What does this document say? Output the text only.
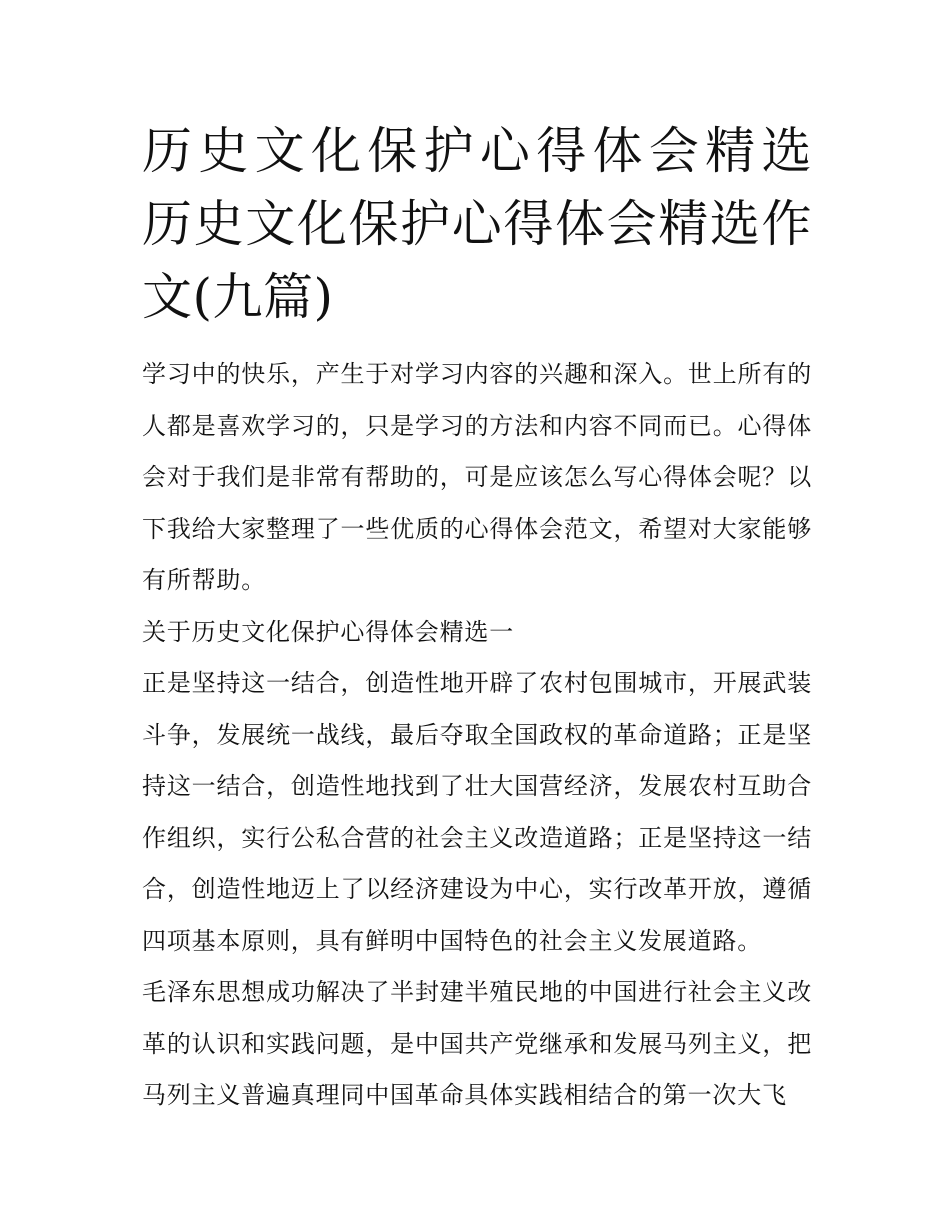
历史文化保护心得体会精选 历史文化保护心得体会精选作文(九篇)

学习中的快乐，产生于对学习内容的兴趣和深入。世上所有的人都是喜欢学习的，只是学习的方法和内容不同而已。心得体会对于我们是非常有帮助的，可是应该怎么写心得体会呢？以下我给大家整理了一些优质的心得体会范文，希望对大家能够有所帮助。

关于历史文化保护心得体会精选一

正是坚持这一结合，创造性地开辟了农村包围城市，开展武装斗争，发展统一战线，最后夺取全国政权的革命道路；正是坚持这一结合，创造性地找到了壮大国营经济，发展农村互助合作组织，实行公私合营的社会主义改造道路；正是坚持这一结合，创造性地迈上了以经济建设为中心，实行改革开放，遵循四项基本原则，具有鲜明中国特色的社会主义发展道路。

毛泽东思想成功解决了半封建半殖民地的中国进行社会主义改革的认识和实践问题，是中国共产党继承和发展马列主义，把马列主义普遍真理同中国革命具体实践相结合的第一次大飞
